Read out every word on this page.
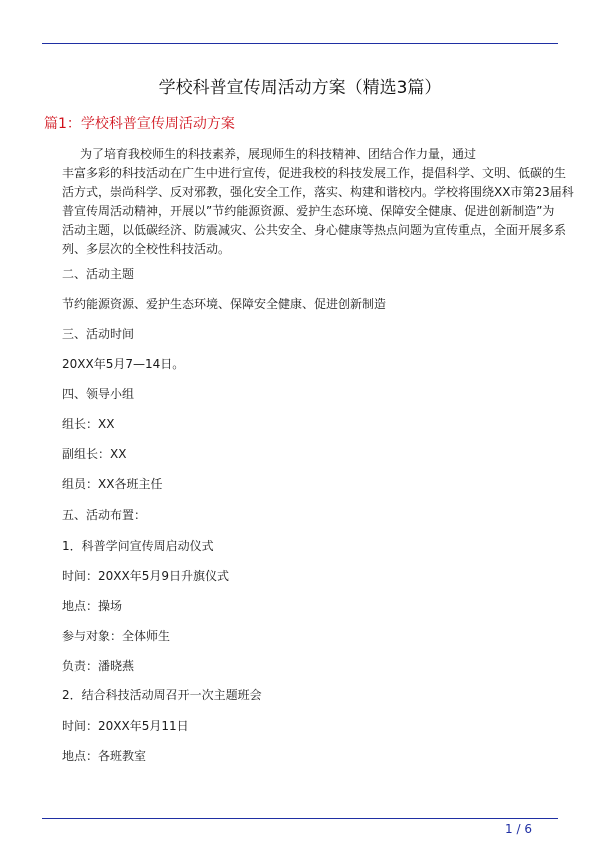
学校科普宣传周活动方案（精选3篇）
篇1：学校科普宣传周活动方案
为了培育我校师生的科技素养，展现师生的科技精神、团结合作力量，通过
丰富多彩的科技活动在广生中进行宣传，促进我校的科技发展工作，提倡科学、文明、低碳的生
活方式，崇尚科学、反对邪教，强化安全工作，落实、构建和谐校内。学校将围绕XX市第23届科
普宣传周活动精神，开展以”节约能源资源、爱护生态环境、保障安全健康、促进创新制造”为
活动主题，以低碳经济、防震减灾、公共安全、身心健康等热点问题为宣传重点，全面开展多系
列、多层次的全校性科技活动。
二、活动主题
节约能源资源、爱护生态环境、保障安全健康、促进创新制造
三、活动时间
20XX年5月7—14日。
四、领导小组
组长：XX
副组长：XX
组员：XX各班主任
五、活动布置：
1．科普学问宣传周启动仪式
时间：20XX年5月9日升旗仪式
地点：操场
参与对象：全体师生
负责：潘晓燕
2．结合科技活动周召开一次主题班会
时间：20XX年5月11日
地点：各班教室
1 / 6
